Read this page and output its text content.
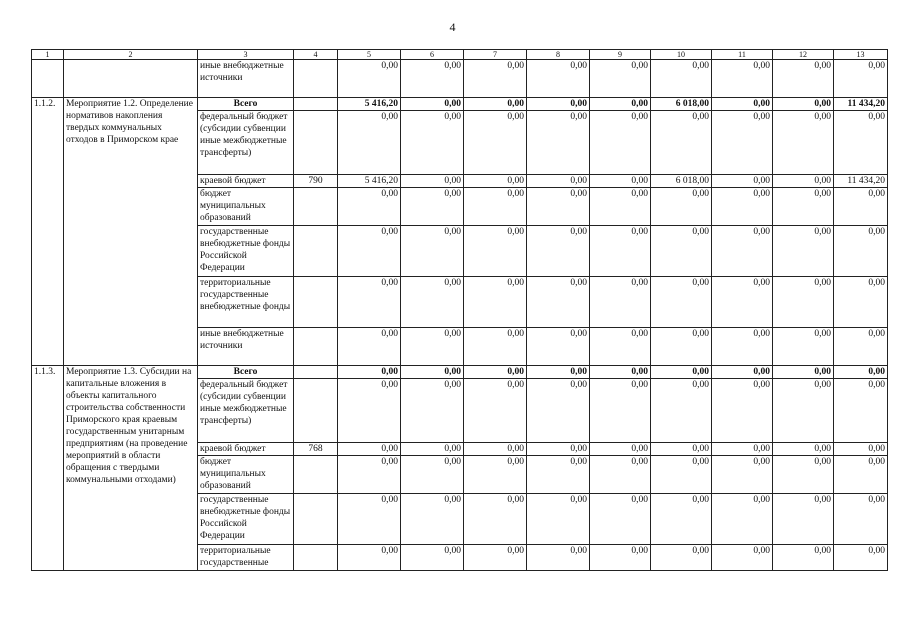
4
1	2	3	4	5	6	7	8	9	10	11	12	13
		иные внебюджетные источники		0,00	0,00	0,00	0,00	0,00	0,00	0,00	0,00	0,00
1.1.2.	Мероприятие 1.2. Определение нормативов накопления твердых коммунальных отходов в Приморском крае	Всего		5 416,20	0,00	0,00	0,00	0,00	6 018,00	0,00	0,00	11 434,20
		федеральный бюджет (субсидии субвенции иные межбюджетные трансферты)		0,00	0,00	0,00	0,00	0,00	0,00	0,00	0,00	0,00
		краевой бюджет	790	5 416,20	0,00	0,00	0,00	0,00	6 018,00	0,00	0,00	11 434,20
		бюджет муниципальных образований		0,00	0,00	0,00	0,00	0,00	0,00	0,00	0,00	0,00
		государственные внебюджетные фонды Российской Федерации		0,00	0,00	0,00	0,00	0,00	0,00	0,00	0,00	0,00
		территориальные государственные внебюджетные фонды		0,00	0,00	0,00	0,00	0,00	0,00	0,00	0,00	0,00
		иные внебюджетные источники		0,00	0,00	0,00	0,00	0,00	0,00	0,00	0,00	0,00
1.1.3.	Мероприятие 1.3. Субсидии на капитальные вложения в объекты капитального строительства собственности Приморского края краевым государственным унитарным предприятиям (на проведение мероприятий в области обращения с твердыми коммунальными отходами)	Всего		0,00	0,00	0,00	0,00	0,00	0,00	0,00	0,00	0,00
		федеральный бюджет (субсидии субвенции иные межбюджетные трансферты)		0,00	0,00	0,00	0,00	0,00	0,00	0,00	0,00	0,00
		краевой бюджет	768	0,00	0,00	0,00	0,00	0,00	0,00	0,00	0,00	0,00
		бюджет муниципальных образований		0,00	0,00	0,00	0,00	0,00	0,00	0,00	0,00	0,00
		государственные внебюджетные фонды Российской Федерации		0,00	0,00	0,00	0,00	0,00	0,00	0,00	0,00	0,00
		территориальные государственные		0,00	0,00	0,00	0,00	0,00	0,00	0,00	0,00	0,00
